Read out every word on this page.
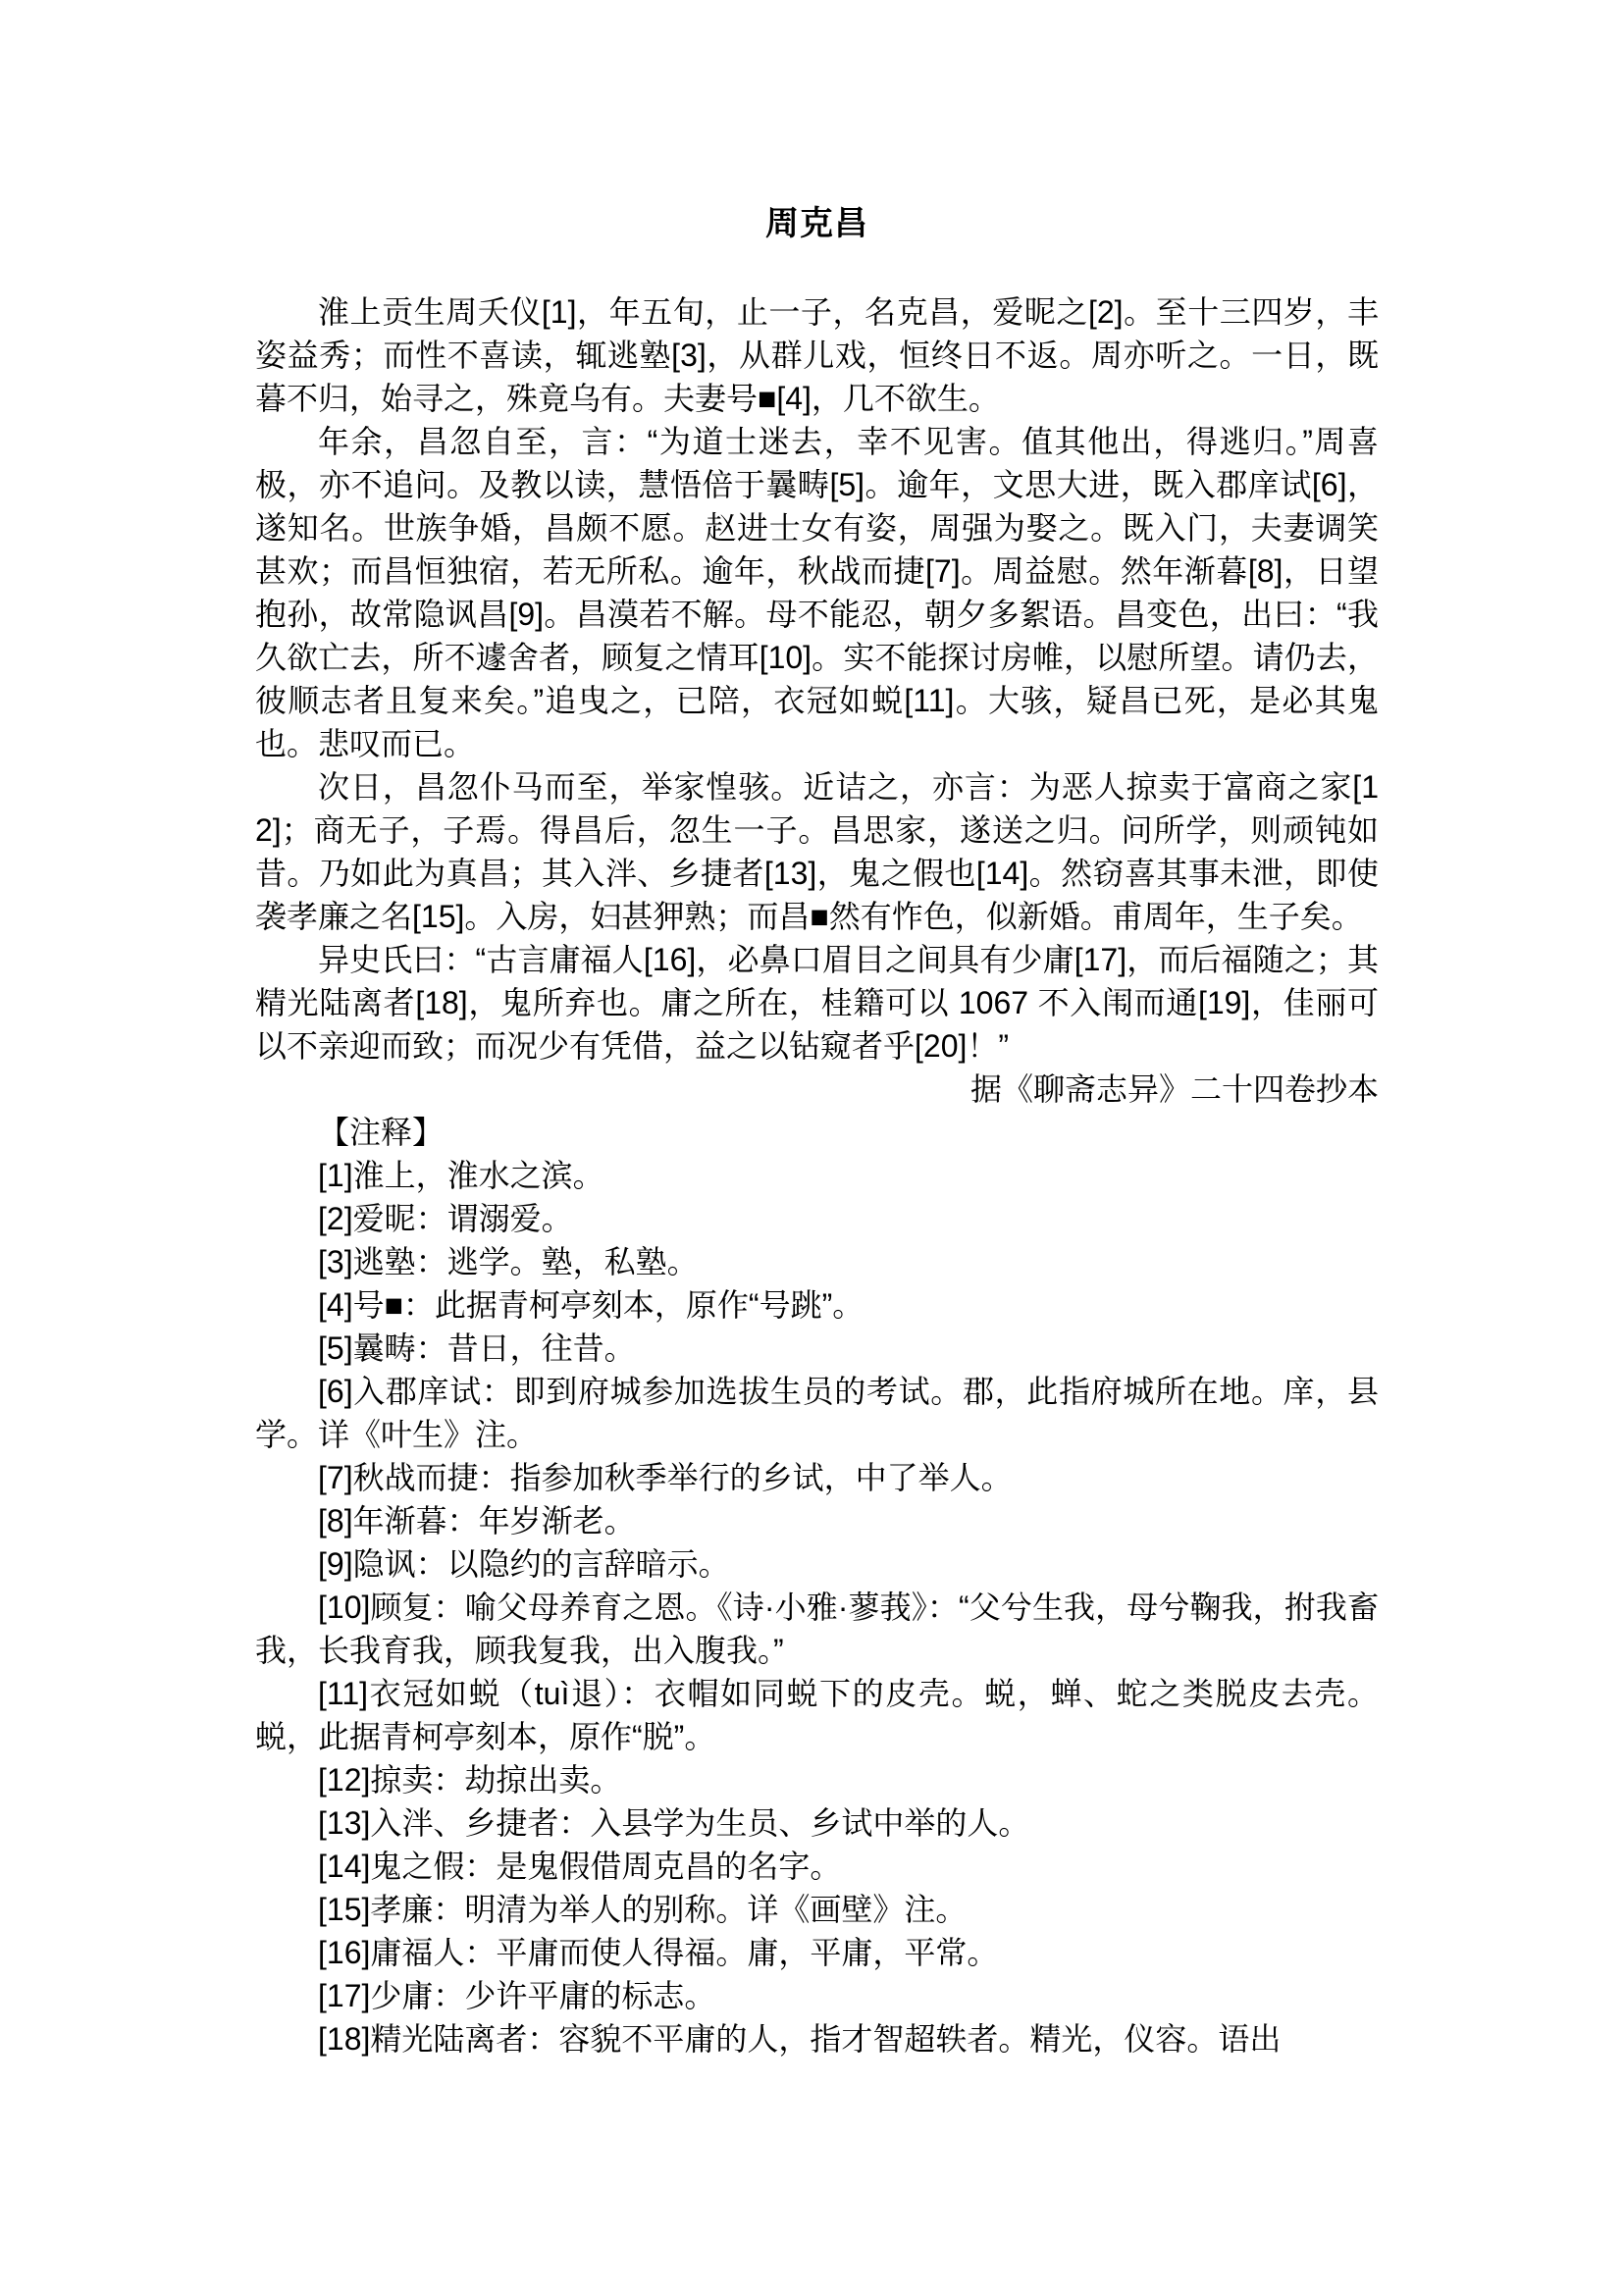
周克昌

淮上贡生周夭仪[1]，年五旬，止一子，名克昌，爱昵之[2]。至十三四岁，丰姿益秀；而性不喜读，辄逃塾[3]，从群儿戏，恒终日不返。周亦听之。一日，既暮不归，始寻之，殊竟乌有。夫妻号■[4]，几不欲生。

年余，昌忽自至，言：“为道士迷去，幸不见害。值其他出，得逃归。”周喜极，亦不追问。及教以读，慧悟倍于曩畴[5]。逾年，文思大进，既入郡庠试[6]，遂知名。世族争婚，昌颇不愿。赵进士女有姿，周强为娶之。既入门，夫妻调笑甚欢；而昌恒独宿，若无所私。逾年，秋战而捷[7]。周益慰。然年渐暮[8]，日望抱孙，故常隐讽昌[9]。昌漠若不解。母不能忍，朝夕多絮语。昌变色，出曰：“我久欲亡去，所不遽舍者，顾复之情耳[10]。实不能探讨房帷，以慰所望。请仍去，彼顺志者且复来矣。”追曳之，已陪，衣冠如蜕[11]。大骇，疑昌已死，是必其鬼也。悲叹而已。

次日，昌忽仆马而至，举家惶骇。近诘之，亦言：为恶人掠卖于富商之家[12]；商无子，子焉。得昌后，忽生一子。昌思家，遂送之归。问所学，则顽钝如昔。乃如此为真昌；其入泮、乡捷者[13]，鬼之假也[14]。然窃喜其事未泄，即使袭孝廉之名[15]。入房，妇甚狎熟；而昌■然有怍色，似新婚。甫周年，生子矣。

异史氏曰：“古言庸福人[16]，必鼻口眉目之间具有少庸[17]，而后福随之；其精光陆离者[18]，鬼所弃也。庸之所在，桂籍可以 1067 不入闱而通[19]，佳丽可以不亲迎而致；而况少有凭借，益之以钻窥者乎[20]！”

据《聊斋志异》二十四卷抄本

【注释】

[1]淮上，淮水之滨。

[2]爱昵：谓溺爱。

[3]逃塾：逃学。塾，私塾。

[4]号■：此据青柯亭刻本，原作“号跳”。

[5]曩畴：昔日，往昔。

[6]入郡庠试：即到府城参加选拔生员的考试。郡，此指府城所在地。庠，县学。详《叶生》注。

[7]秋战而捷：指参加秋季举行的乡试，中了举人。

[8]年渐暮：年岁渐老。

[9]隐讽：以隐约的言辞暗示。

[10]顾复：喻父母养育之恩。《诗·小雅·蓼莪》：“父兮生我，母兮鞠我，拊我畜我，长我育我，顾我复我，出入腹我。”

[11]衣冠如蜕（tuì退）：衣帽如同蜕下的皮壳。蜕，蝉、蛇之类脱皮去壳。蜕，此据青柯亭刻本，原作“脱”。

[12]掠卖：劫掠出卖。

[13]入泮、乡捷者：入县学为生员、乡试中举的人。

[14]鬼之假：是鬼假借周克昌的名字。

[15]孝廉：明清为举人的别称。详《画壁》注。

[16]庸福人：平庸而使人得福。庸，平庸，平常。

[17]少庸：少许平庸的标志。

[18]精光陆离者：容貌不平庸的人，指才智超轶者。精光，仪容。语出
